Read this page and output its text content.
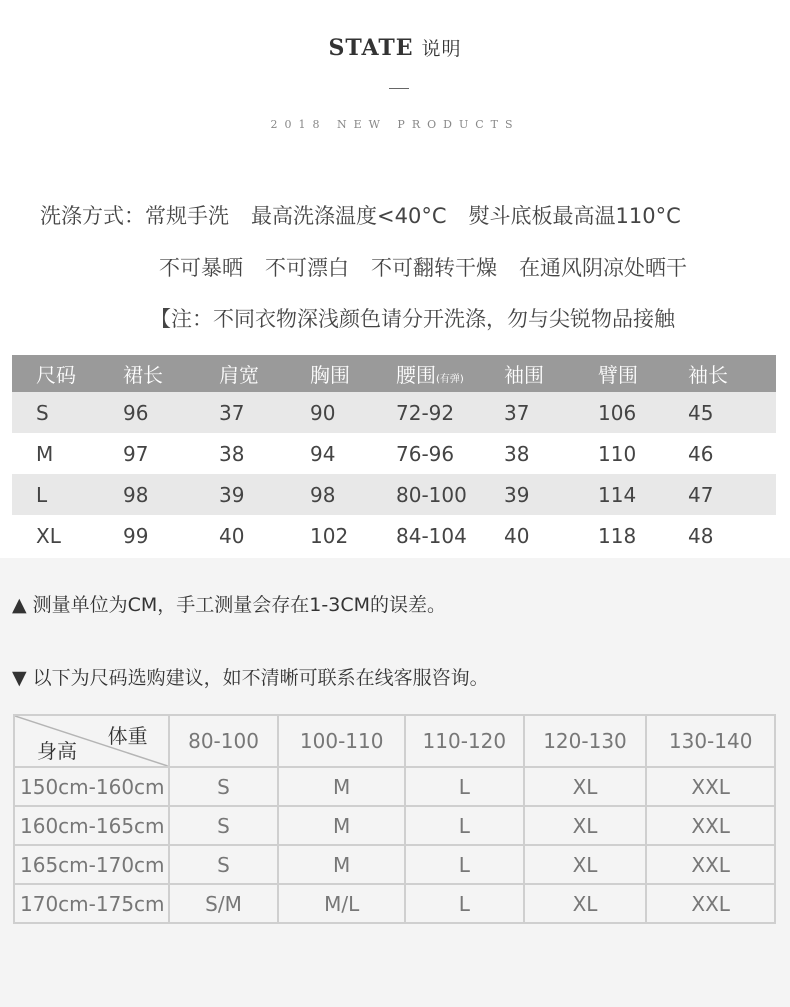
STATE 说明
2018 NEW PRODUCTS
洗涤方式：常规手洗 最高洗涤温度<40°C 熨斗底板最高温110°C
不可暴晒 不可漂白 不可翻转干燥 在通风阴凉处晒干
【注：不同衣物深浅颜色请分开洗涤，勿与尖锐物品接触
尺码	裙长	肩宽	胸围	腰围(有弹)	袖围	臂围	袖长
S	96	37	90	72-92	37	106	45
M	97	38	94	76-96	38	110	46
L	98	39	98	80-100	39	114	47
XL	99	40	102	84-104	40	118	48
▲ 测量单位为CM，手工测量会存在1-3CM的误差。
▼ 以下为尺码选购建议，如不清晰可联系在线客服咨询。
体重
身高	80-100	100-110	110-120	120-130	130-140
150cm-160cm	S	M	L	XL	XXL
160cm-165cm	S	M	L	XL	XXL
165cm-170cm	S	M	L	XL	XXL
170cm-175cm	S/M	M/L	L	XL	XXL
